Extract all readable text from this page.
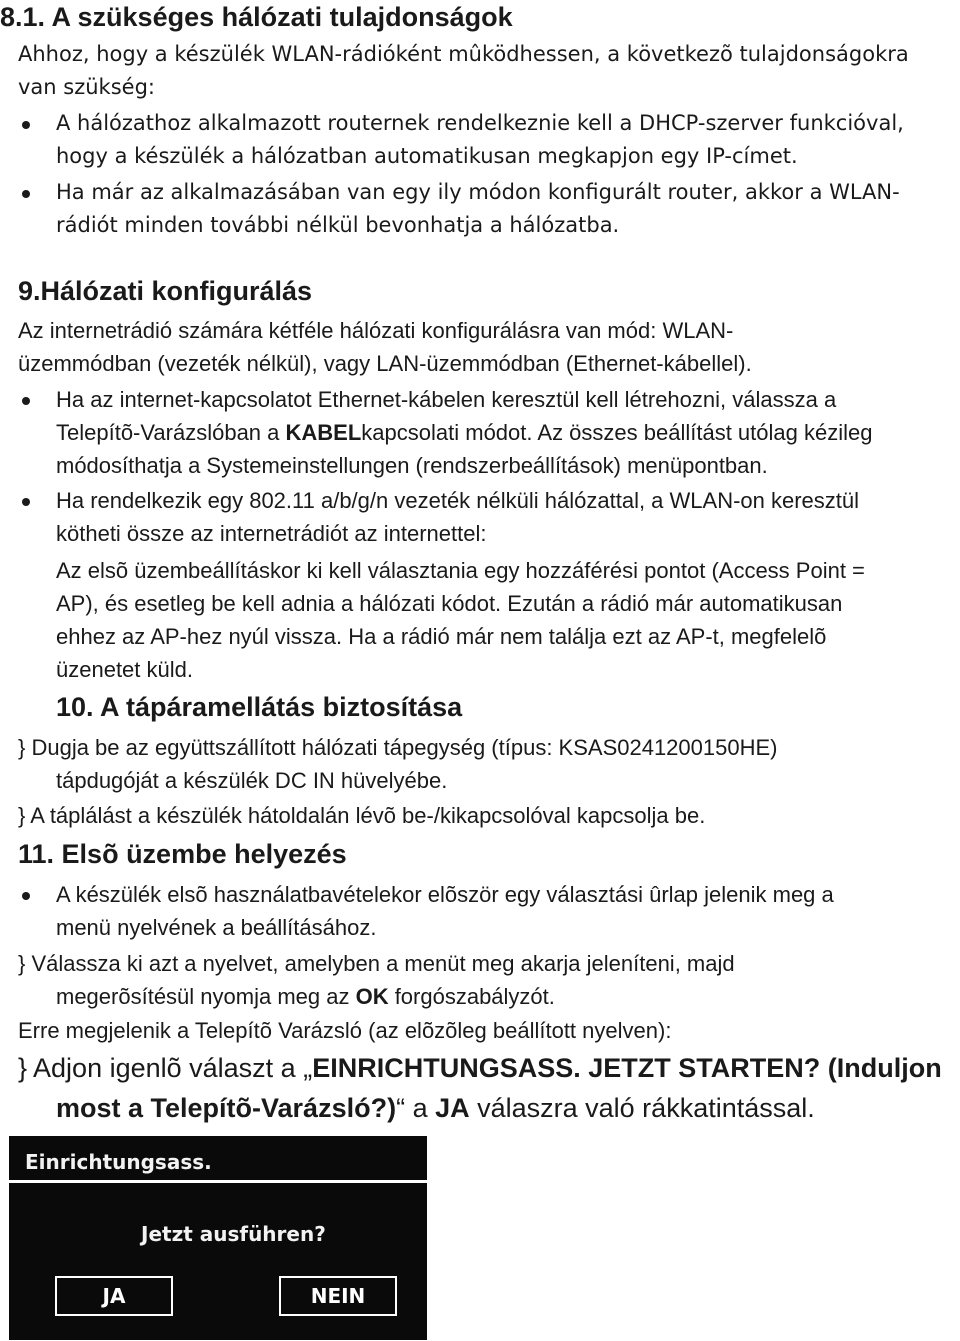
8.1. A szükséges hálózati tulajdonságok

Ahhoz, hogy a készülék WLAN-rádióként mûködhessen, a következõ tulajdonságokra

van szükség:

A hálózathoz alkalmazott routernek rendelkeznie kell a DHCP-szerver funkcióval,

hogy a készülék a hálózatban automatikusan megkapjon egy IP-címet.

Ha már az alkalmazásában van egy ily módon konfigurált router, akkor a WLAN-

rádiót minden további nélkül bevonhatja a hálózatba.

9.Hálózati konfigurálás

Az internetrádió számára kétféle hálózati konfigurálásra van mód: WLAN-

üzemmódban (vezeték nélkül), vagy LAN-üzemmódban (Ethernet-kábellel).

Ha az internet-kapcsolatot Ethernet-kábelen keresztül kell létrehozni, válassza a

Telepítõ-Varázslóban a KABELkapcsolati módot. Az összes beállítást utólag kézileg

módosíthatja a Systemeinstellungen (rendszerbeállítások) menüpontban.

Ha rendelkezik egy 802.11 a/b/g/n vezeték nélküli hálózattal, a WLAN-on keresztül

kötheti össze az internetrádiót az internettel:

Az elsõ üzembeállításkor ki kell választania egy hozzáférési pontot (Access Point =

AP), és esetleg be kell adnia a hálózati kódot. Ezután a rádió már automatikusan

ehhez az AP-hez nyúl vissza. Ha a rádió már nem találja ezt az AP-t, megfelelõ

üzenetet küld.

10. A tápáramellátás biztosítása

} Dugja be az együttszállított hálózati tápegység (típus: KSAS0241200150HE)

tápdugóját a készülék DC IN hüvelyébe.

} A táplálást a készülék hátoldalán lévõ be-/kikapcsolóval kapcsolja be.

11. Elsõ üzembe helyezés

A készülék elsõ használatbavételekor elõször egy választási ûrlap jelenik meg a

menü nyelvének a beállításához.

} Válassza ki azt a nyelvet, amelyben a menüt meg akarja jeleníteni, majd

megerõsítésül nyomja meg az OK forgószabályzót.

Erre megjelenik a Telepítõ Varázsló (az elõzõleg beállított nyelven):

} Adjon igenlõ választ a „EINRICHTUNGSASS. JETZT STARTEN? (Induljon

most a Telepítõ-Varázsló?)“ a JA válaszra való rákkatintással.

Einrichtungsass.
Jetzt ausführen?
JA	NEIN
